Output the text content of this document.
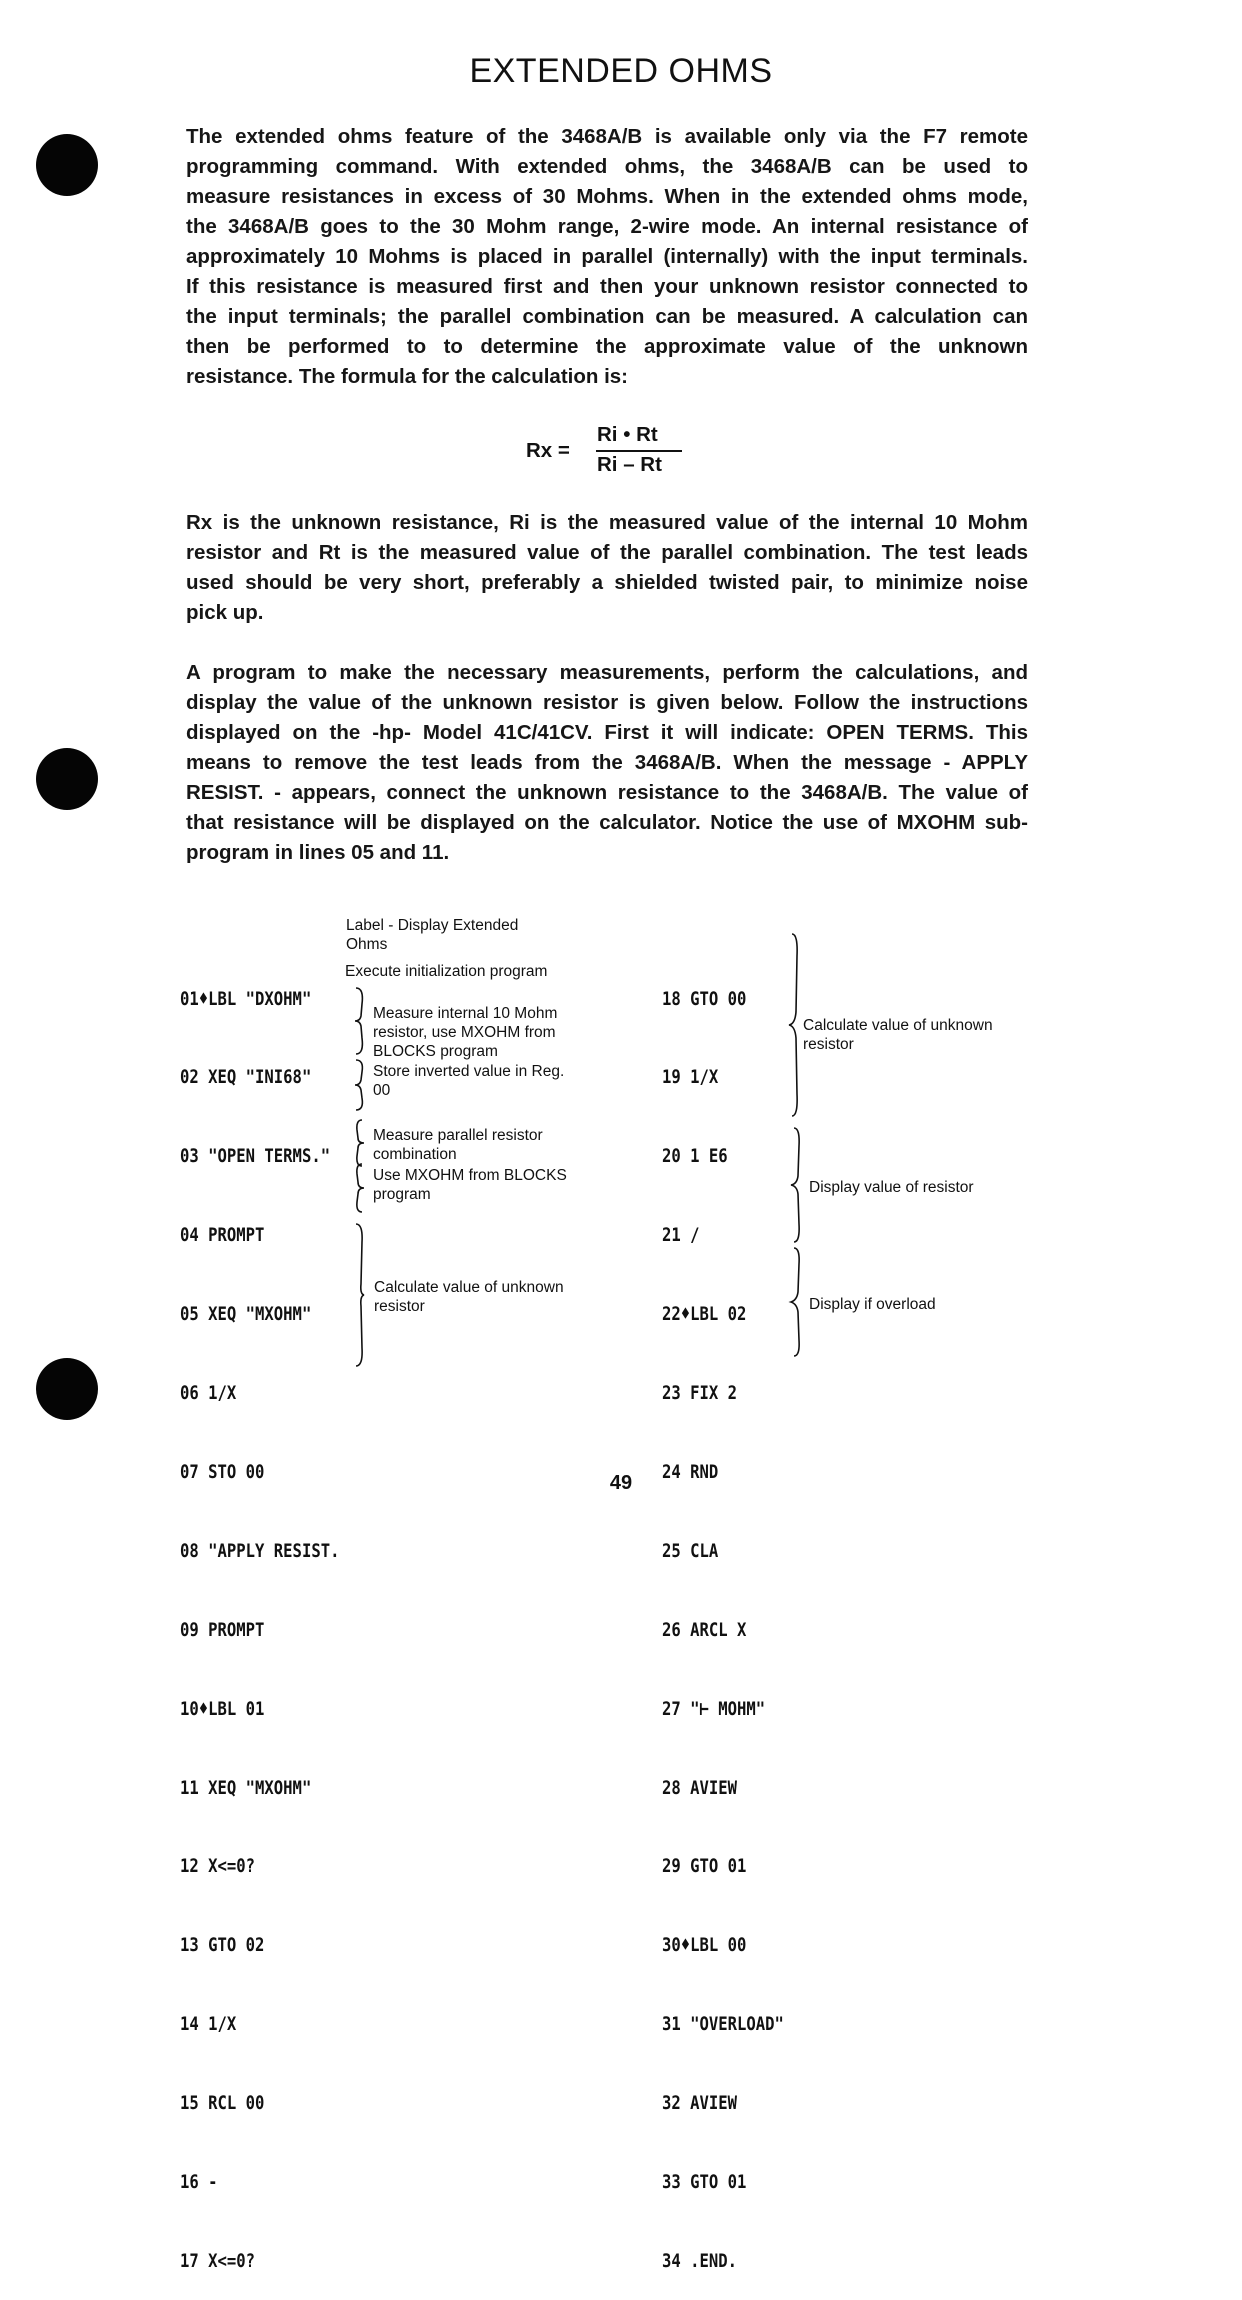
EXTENDED OHMS
The extended ohms feature of the 3468A/B is available only via the F7 remote
programming command. With extended ohms, the 3468A/B can be used to
measure resistances in excess of 30 Mohms. When in the extended ohms mode,
the 3468A/B goes to the 30 Mohm range, 2-wire mode. An internal resistance of
approximately 10 Mohms is placed in parallel (internally) with the input terminals.
If this resistance is measured first and then your unknown resistor connected to
the input terminals; the parallel combination can be measured. A calculation can
then be performed to to determine the approximate value of the unknown
resistance. The formula for the calculation is:
Rx =
Ri • Rt
Ri – Rt
Rx is the unknown resistance, Ri is the measured value of the internal 10 Mohm
resistor and Rt is the measured value of the parallel combination. The test leads
used should be very short, preferably a shielded twisted pair, to minimize noise
pick up.
A program to make the necessary measurements, perform the calculations, and
display the value of the unknown resistor is given below. Follow the instructions
displayed on the -hp- Model 41C/41CV. First it will indicate: OPEN TERMS. This
means to remove the test leads from the 3468A/B. When the message - APPLY
RESIST. - appears, connect the unknown resistance to the 3468A/B. The value of
that resistance will be displayed on the calculator. Notice the use of MXOHM sub-
program in lines 05 and 11.

01♦LBL "DXOHM"

02 XEQ "INI68"

03 "OPEN TERMS."

04 PROMPT

05 XEQ "MXOHM"

06 1/X

07 STO 00

08 "APPLY RESIST.

09 PROMPT

10♦LBL 01

11 XEQ "MXOHM"

12 X<=0?

13 GTO 02

14 1/X

15 RCL 00

16 -

17 X<=0?

18 GTO 00

19 1/X

20 1 E6

21 /

22♦LBL 02

23 FIX 2

24 RND

25 CLA

26 ARCL X

27 "⊢ MOHM"

28 AVIEW

29 GTO 01

30♦LBL 00

31 "OVERLOAD"

32 AVIEW

33 GTO 01

34 .END.

Label - Display Extended
Ohms
Execute initialization program
Measure internal 10 Mohm
resistor, use MXOHM from
BLOCKS program
Store inverted value in Reg.
00
Measure parallel resistor
combination
Use MXOHM from BLOCKS
program
Calculate value of unknown
resistor
Calculate value of unknown
resistor
Display value of resistor
Display if overload
49
